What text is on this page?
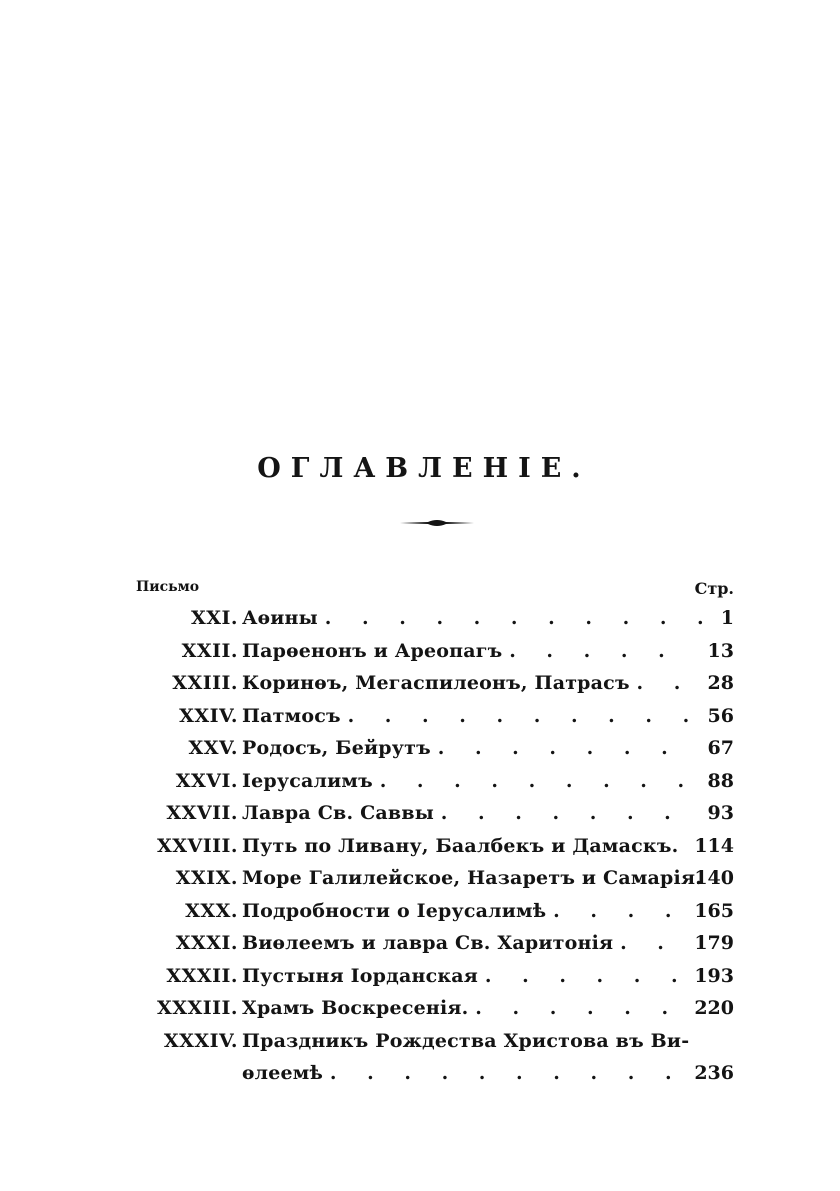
ОГЛАВЛЕНІЕ.
Письмо	Стр.
XXI. Аѳины . . . . . . . . . . . 1
XXII. Парѳенонъ и Ареопагъ . . . . . 13
XXIII. Коринѳъ, Мегаспилеонъ, Патрасъ . . 28
XXIV. Патмосъ . . . . . . . . . . 56
XXV. Родосъ, Бейрутъ . . . . . . . 67
XXVI. Іерусалимъ . . . . . . . . . 88
XXVII. Лавра Св. Саввы . . . . . . . 93
XXVIII. Путь по Ливану, Баалбекъ и Дамаскъ. 114
XXIX. Море Галилейское, Назаретъ и Самарія.
140
XXX. Подробности о Іерусалимѣ . . . . 165
XXXI. Виѳлеемъ и лавра Св. Харитонія . . 179
XXXII. Пустыня Іорданская . . . . . . 193
XXXIII. Храмъ Воскресенія. . . . . . . 220
XXXIV. Праздникъ Рождества Христова въ Ви-
ѳлеемѣ . . . . . . . . . . 236
